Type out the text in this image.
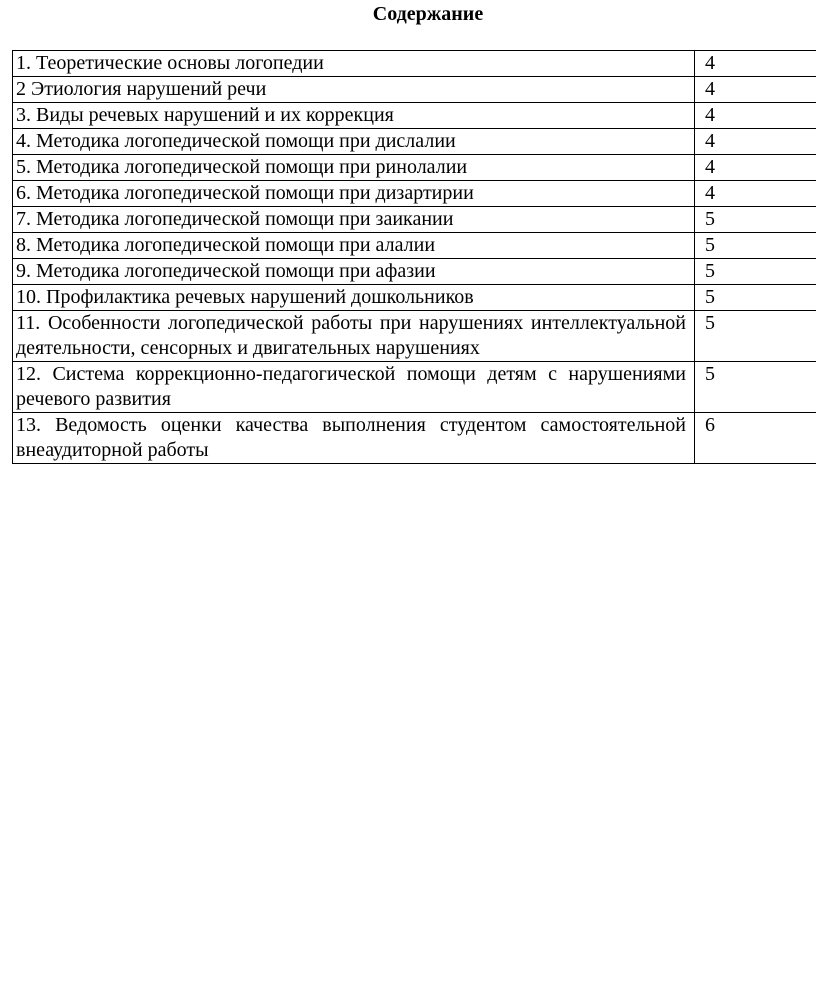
Содержание
1. Теоретические основы логопедии	4
2 Этиология нарушений речи	4
3. Виды речевых нарушений и их коррекция	4
4. Методика логопедической помощи при дислалии	4
5. Методика логопедической помощи при ринолалии	4
6. Методика логопедической помощи при дизартирии	4
7. Методика логопедической помощи при заикании	5
8. Методика логопедической помощи при алалии	5
9. Методика логопедической помощи при афазии	5
10. Профилактика речевых нарушений дошкольников	5
11. Особенности логопедической работы при нарушениях интеллектуальной деятельности, сенсорных и двигательных нарушениях	5
12. Система коррекционно-педагогической помощи детям с нарушениями речевого развития	5
13. Ведомость оценки качества выполнения студентом самостоятельной внеаудиторной работы	6
